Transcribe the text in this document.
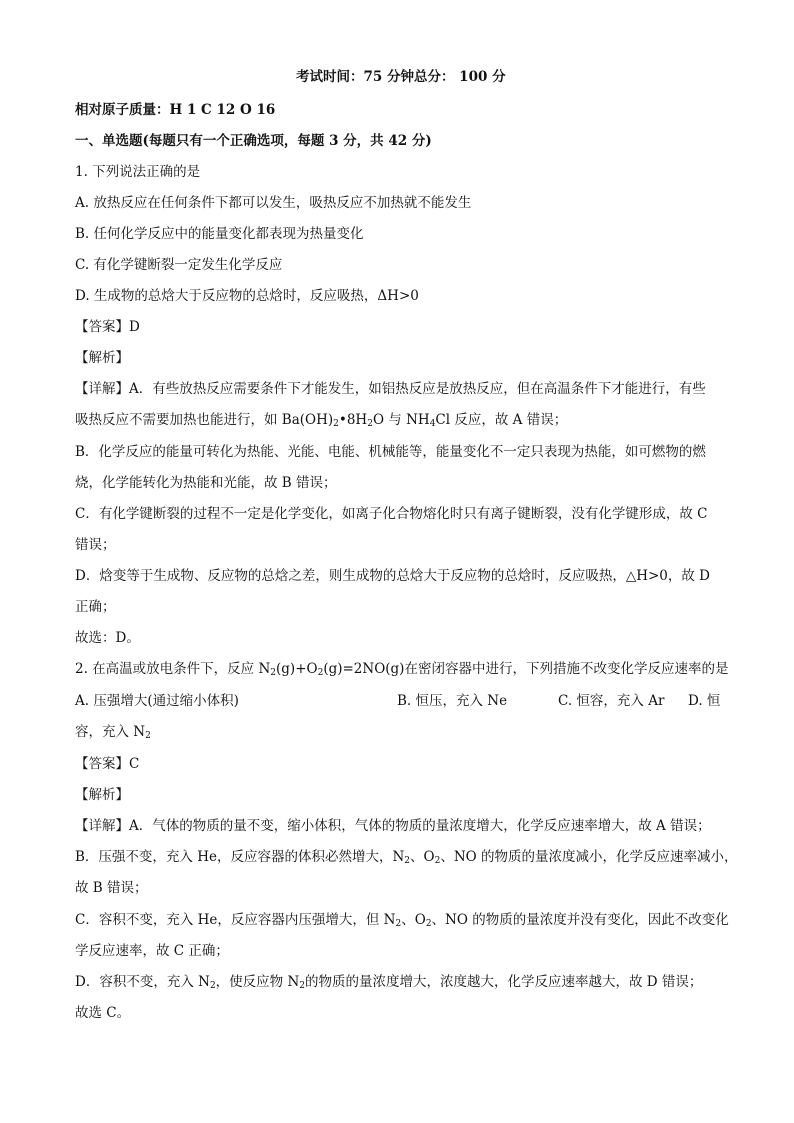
考试时间：75 分钟总分： 100 分
相对原子质量：H 1 C 12 O 16
一、单选题(每题只有一个正确选项，每题 3 分，共 42 分)
1. 下列说法正确的是
A. 放热反应在任何条件下都可以发生，吸热反应不加热就不能发生
B. 任何化学反应中的能量变化都表现为热量变化
C. 有化学键断裂一定发生化学反应
D. 生成物的总焓大于反应物的总焓时，反应吸热，ΔH>0
【答案】D
【解析】
【详解】A．有些放热反应需要条件下才能发生，如铝热反应是放热反应，但在高温条件下才能进行，有些
吸热反应不需要加热也能进行，如 $Ba(OH)_2•8H_2O$ 与 $NH_4Cl$ 反应，故 A 错误；
B．化学反应的能量可转化为热能、光能、电能、机械能等，能量变化不一定只表现为热能，如可燃物的燃
烧，化学能转化为热能和光能，故 B 错误；
C．有化学键断裂的过程不一定是化学变化，如离子化合物熔化时只有离子键断裂，没有化学键形成，故 C
错误；
D．焓变等于生成物、反应物的总焓之差，则生成物的总焓大于反应物的总焓时，反应吸热，△H>0，故 D
正确；
故选：D。
2. 在高温或放电条件下，反应 $N_2(g)+O_2(g)=2NO(g)$在密闭容器中进行，下列措施不改变化学反应速率的是
A. 压强增大(通过缩小体积)	B. 恒压，充入 Ne	C. 恒容，充入 Ar D. 恒
容，充入 $N_2$
【答案】C
【解析】
【详解】A．气体的物质的量不变，缩小体积，气体的物质的量浓度增大，化学反应速率增大，故 A 错误；
B．压强不变，充入 He，反应容器的体积必然增大，$N_2$、$O_2$、NO 的物质的量浓度减小，化学反应速率减小，
故 B 错误；
C．容积不变，充入 He，反应容器内压强增大，但 $N_2$、$O_2$、NO 的物质的量浓度并没有变化，因此不改变化
学反应速率，故 C 正确；
D．容积不变，充入 $N_2$，使反应物 $N_2$的物质的量浓度增大，浓度越大，化学反应速率越大，故 D 错误；
故选 C。
